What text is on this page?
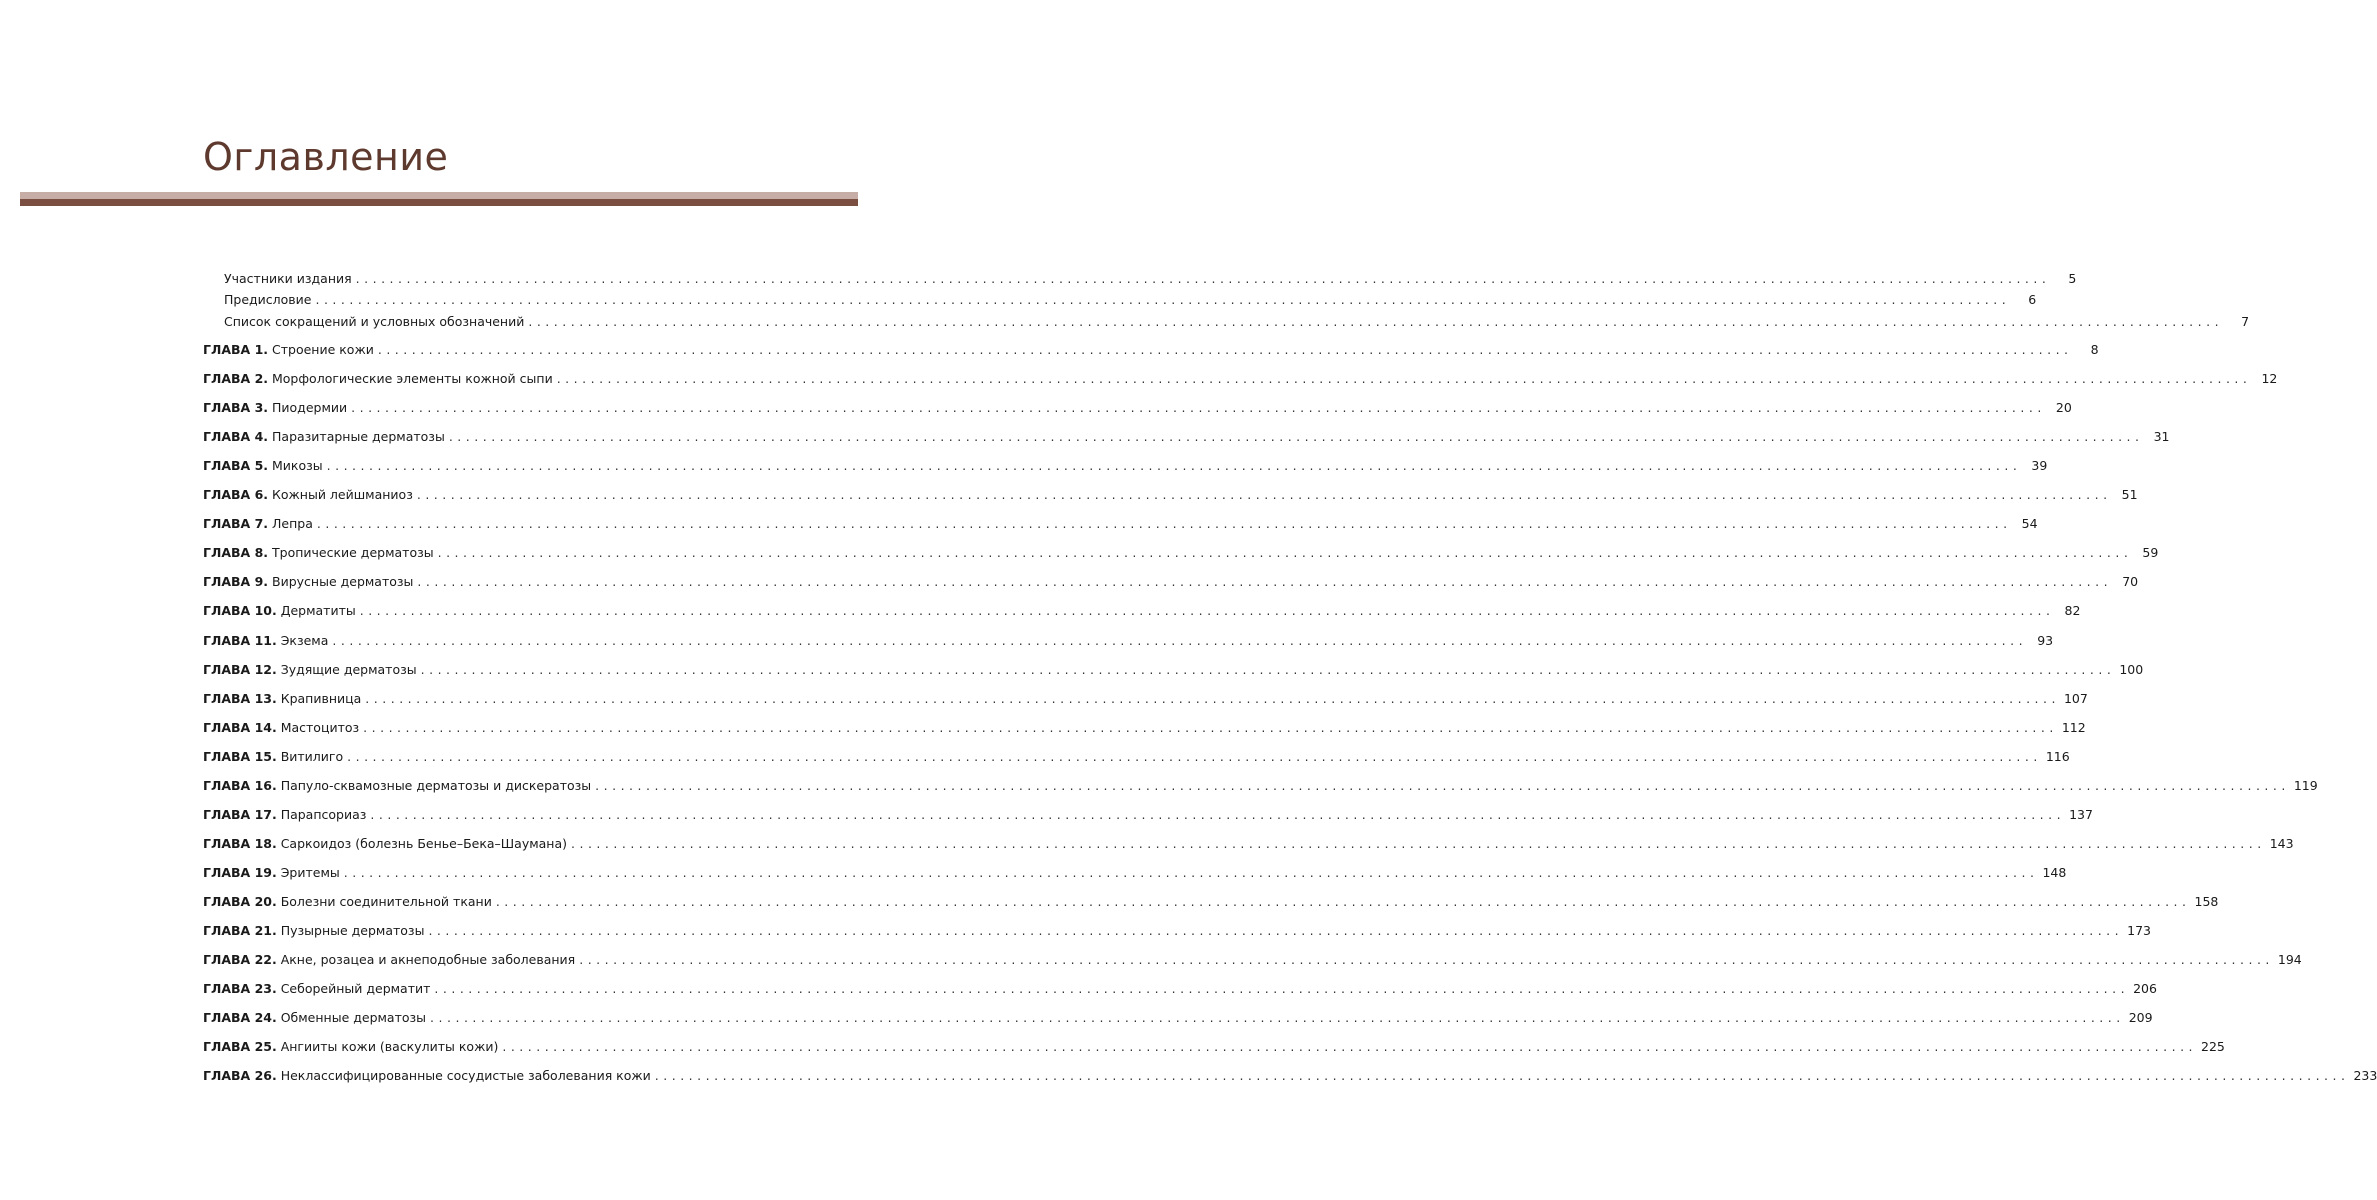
Оглавление
Участники издания ........................................................................................................................................................................................................	5
Предисловие ........................................................................................................................................................................................................	6
Список сокращений и условных обозначений ........................................................................................................................................................................................................	7
ГЛАВА 1. Строение кожи ........................................................................................................................................................................................................	8
ГЛАВА 2. Морфологические элементы кожной сыпи ........................................................................................................................................................................................................ 12
ГЛАВА 3. Пиодермии ........................................................................................................................................................................................................ 20
ГЛАВА 4. Паразитарные дерматозы ........................................................................................................................................................................................................ 31
ГЛАВА 5. Микозы ........................................................................................................................................................................................................ 39
ГЛАВА 6. Кожный лейшманиоз ........................................................................................................................................................................................................ 51
ГЛАВА 7. Лепра ........................................................................................................................................................................................................ 54
ГЛАВА 8. Тропические дерматозы ........................................................................................................................................................................................................ 59
ГЛАВА 9. Вирусные дерматозы ........................................................................................................................................................................................................ 70
ГЛАВА 10. Дерматиты ........................................................................................................................................................................................................ 82
ГЛАВА 11. Экзема ........................................................................................................................................................................................................ 93
ГЛАВА 12. Зудящие дерматозы ........................................................................................................................................................................................................ 100
ГЛАВА 13. Крапивница ........................................................................................................................................................................................................ 107
ГЛАВА 14. Мастоцитоз ........................................................................................................................................................................................................ 112
ГЛАВА 15. Витилиго ........................................................................................................................................................................................................ 116
ГЛАВА 16. Папуло-сквамозные дерматозы и дискератозы ........................................................................................................................................................................................................ 119
ГЛАВА 17. Парапсориаз ........................................................................................................................................................................................................ 137
ГЛАВА 18. Саркоидоз (болезнь Бенье–Бека–Шаумана) ........................................................................................................................................................................................................ 143
ГЛАВА 19. Эритемы ........................................................................................................................................................................................................ 148
ГЛАВА 20. Болезни соединительной ткани ........................................................................................................................................................................................................ 158
ГЛАВА 21. Пузырные дерматозы ........................................................................................................................................................................................................ 173
ГЛАВА 22. Акне, розацеа и акнеподобные заболевания ........................................................................................................................................................................................................ 194
ГЛАВА 23. Себорейный дерматит ........................................................................................................................................................................................................ 206
ГЛАВА 24. Обменные дерматозы ........................................................................................................................................................................................................ 209
ГЛАВА 25. Ангииты кожи (васкулиты кожи) ........................................................................................................................................................................................................ 225
ГЛАВА 26. Неклассифицированные сосудистые заболевания кожи ........................................................................................................................................................................................................ 233
